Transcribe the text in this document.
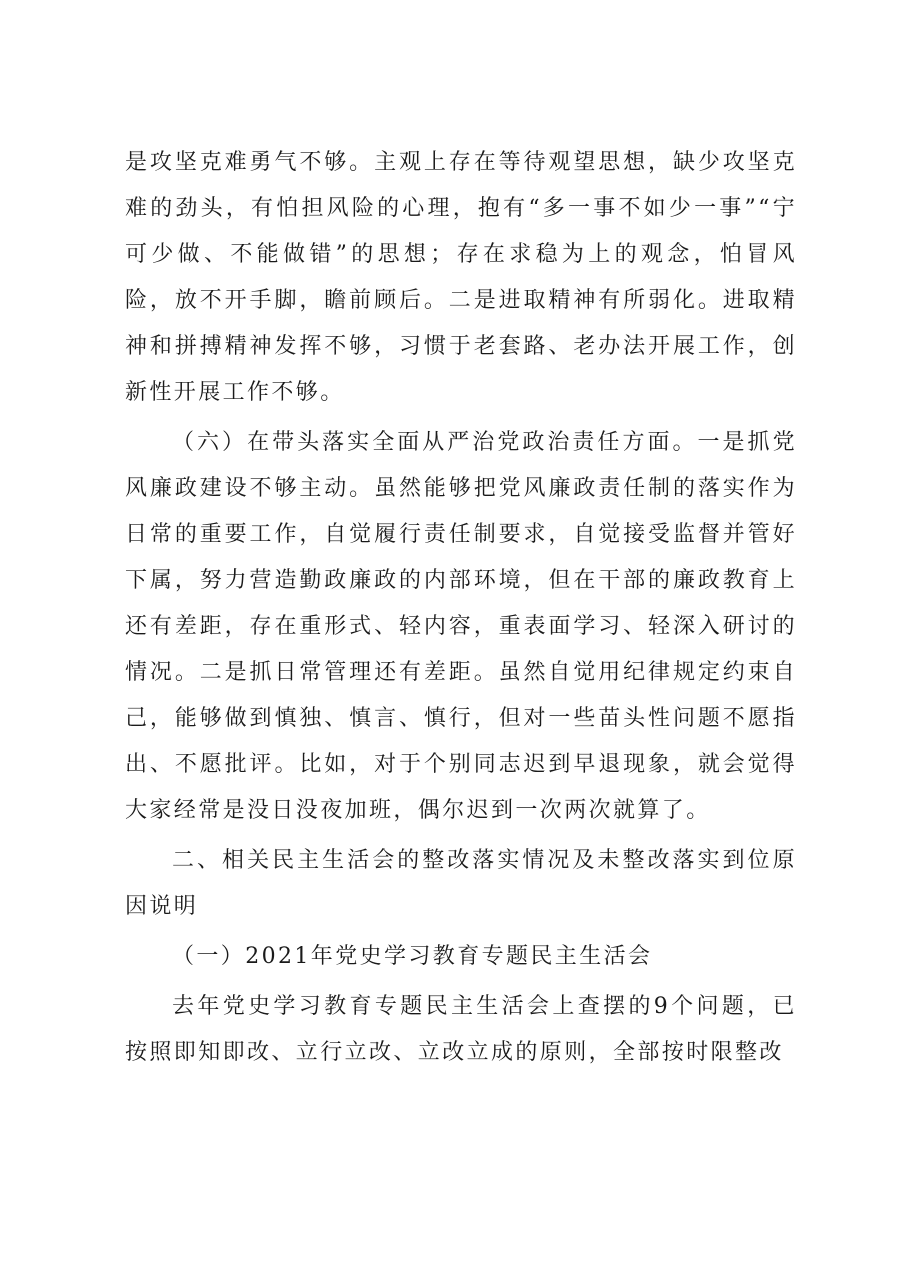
是攻坚克难勇气不够。主观上存在等待观望思想，缺少攻坚克难的劲头，有怕担风险的心理，抱有“多一事不如少一事”“宁可少做、不能做错”的思想；存在求稳为上的观念，怕冒风险，放不开手脚，瞻前顾后。二是进取精神有所弱化。进取精神和拼搏精神发挥不够，习惯于老套路、老办法开展工作，创新性开展工作不够。

（六）在带头落实全面从严治党政治责任方面。一是抓党风廉政建设不够主动。虽然能够把党风廉政责任制的落实作为日常的重要工作，自觉履行责任制要求，自觉接受监督并管好下属，努力营造勤政廉政的内部环境，但在干部的廉政教育上还有差距，存在重形式、轻内容，重表面学习、轻深入研讨的情况。二是抓日常管理还有差距。虽然自觉用纪律规定约束自己，能够做到慎独、慎言、慎行，但对一些苗头性问题不愿指出、不愿批评。比如，对于个别同志迟到早退现象，就会觉得大家经常是没日没夜加班，偶尔迟到一次两次就算了。

二、相关民主生活会的整改落实情况及未整改落实到位原因说明

（一）2021年党史学习教育专题民主生活会

去年党史学习教育专题民主生活会上查摆的9个问题，已按照即知即改、立行立改、立改立成的原则，全部按时限整改
